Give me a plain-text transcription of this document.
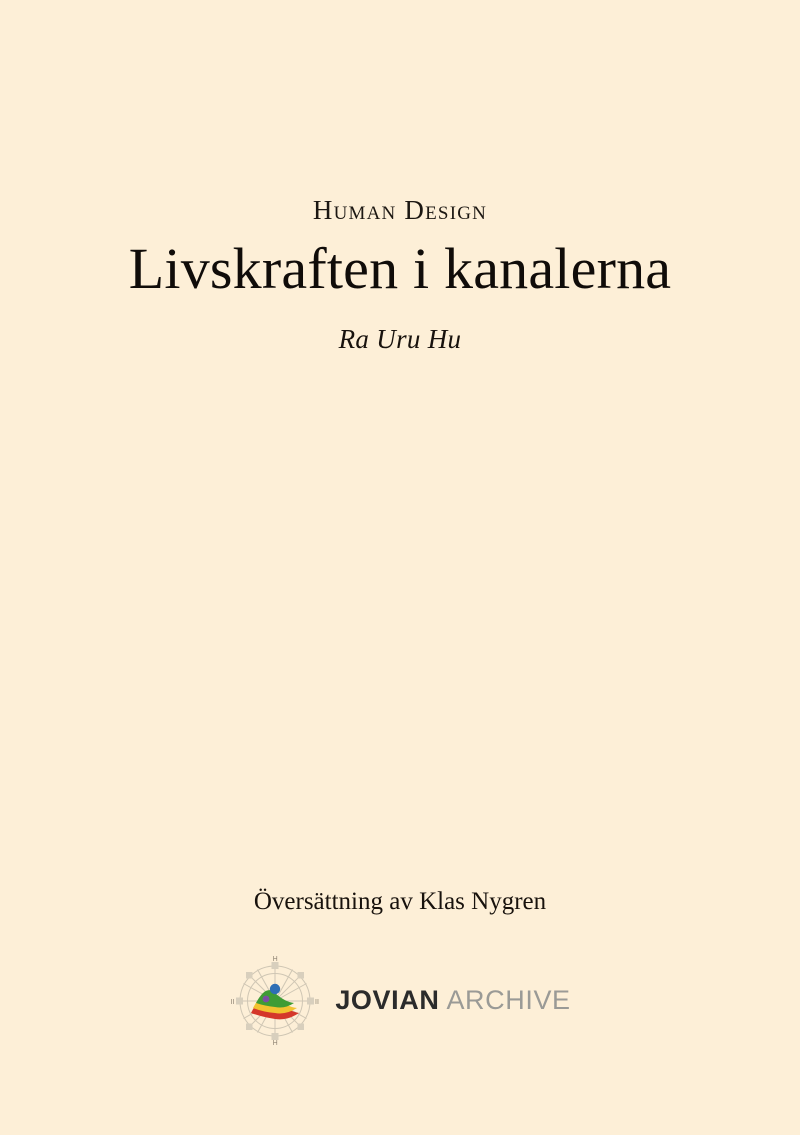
Human Design
Livskraften i kanalerna
Ra Uru Hu
Översättning av Klas Nygren
H
H
II	II JOVIAN ARCHIVE
